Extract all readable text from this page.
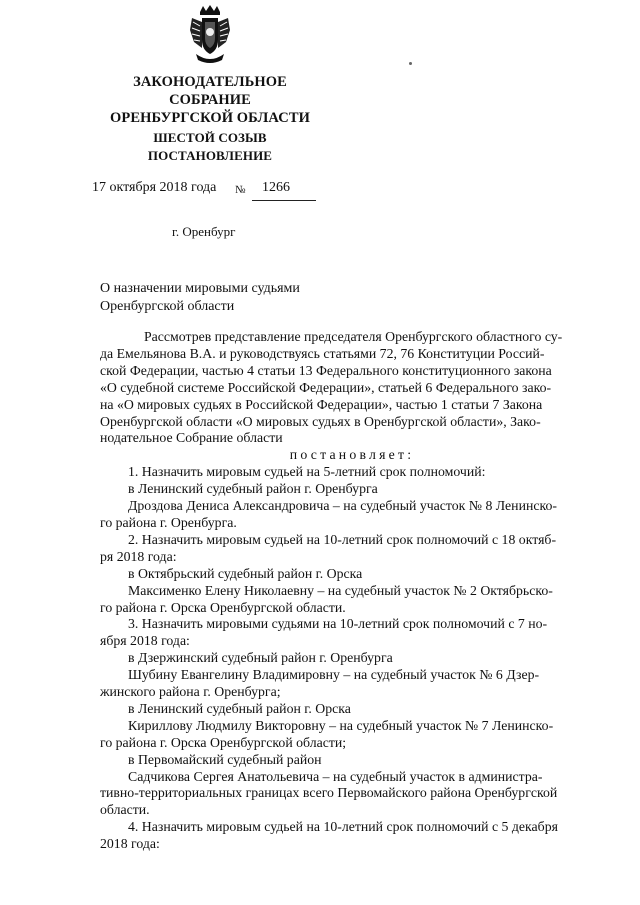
ЗАКОНОДАТЕЛЬНОЕ
СОБРАНИЕ
ОРЕНБУРГСКОЙ ОБЛАСТИ
ШЕСТОЙ СОЗЫВ
ПОСТАНОВЛЕНИЕ
17 октября 2018 года № 1266
г. Оренбург
О назначении мировыми судьями
Оренбургской области

Рассмотрев представление председателя Оренбургского областного су-

да Емельянова В.А. и руководствуясь статьями 72, 76 Конституции Россий-

ской Федерации, частью 4 статьи 13 Федерального конституционного закона

«О судебной системе Российской Федерации», статьей 6 Федерального зако-

на «О мировых судьях в Российской Федерации», частью 1 статьи 7 Закона

Оренбургской области «О мировых судьях в Оренбургской области», Зако-

нодательное Собрание области

постановляет:

1. Назначить мировым судьей на 5-летний срок полномочий:

в Ленинский судебный район г. Оренбурга

Дроздова Дениса Александровича – на судебный участок № 8 Ленинско-

го района г. Оренбурга.

2. Назначить мировым судьей на 10-летний срок полномочий с 18 октяб-

ря 2018 года:

в Октябрьский судебный район г. Орска

Максименко Елену Николаевну – на судебный участок № 2 Октябрьско-

го района г. Орска Оренбургской области.

3. Назначить мировыми судьями на 10-летний срок полномочий с 7 но-

ября 2018 года:

в Дзержинский судебный район г. Оренбурга

Шубину Евангелину Владимировну – на судебный участок № 6 Дзер-

жинского района г. Оренбурга;

в Ленинский судебный район г. Орска

Кириллову Людмилу Викторовну – на судебный участок № 7 Ленинско-

го района г. Орска Оренбургской области;

в Первомайский судебный район

Садчикова Сергея Анатольевича – на судебный участок в администра-

тивно-территориальных границах всего Первомайского района Оренбургской

области.

4. Назначить мировым судьей на 10-летний срок полномочий с 5 декабря

2018 года:
